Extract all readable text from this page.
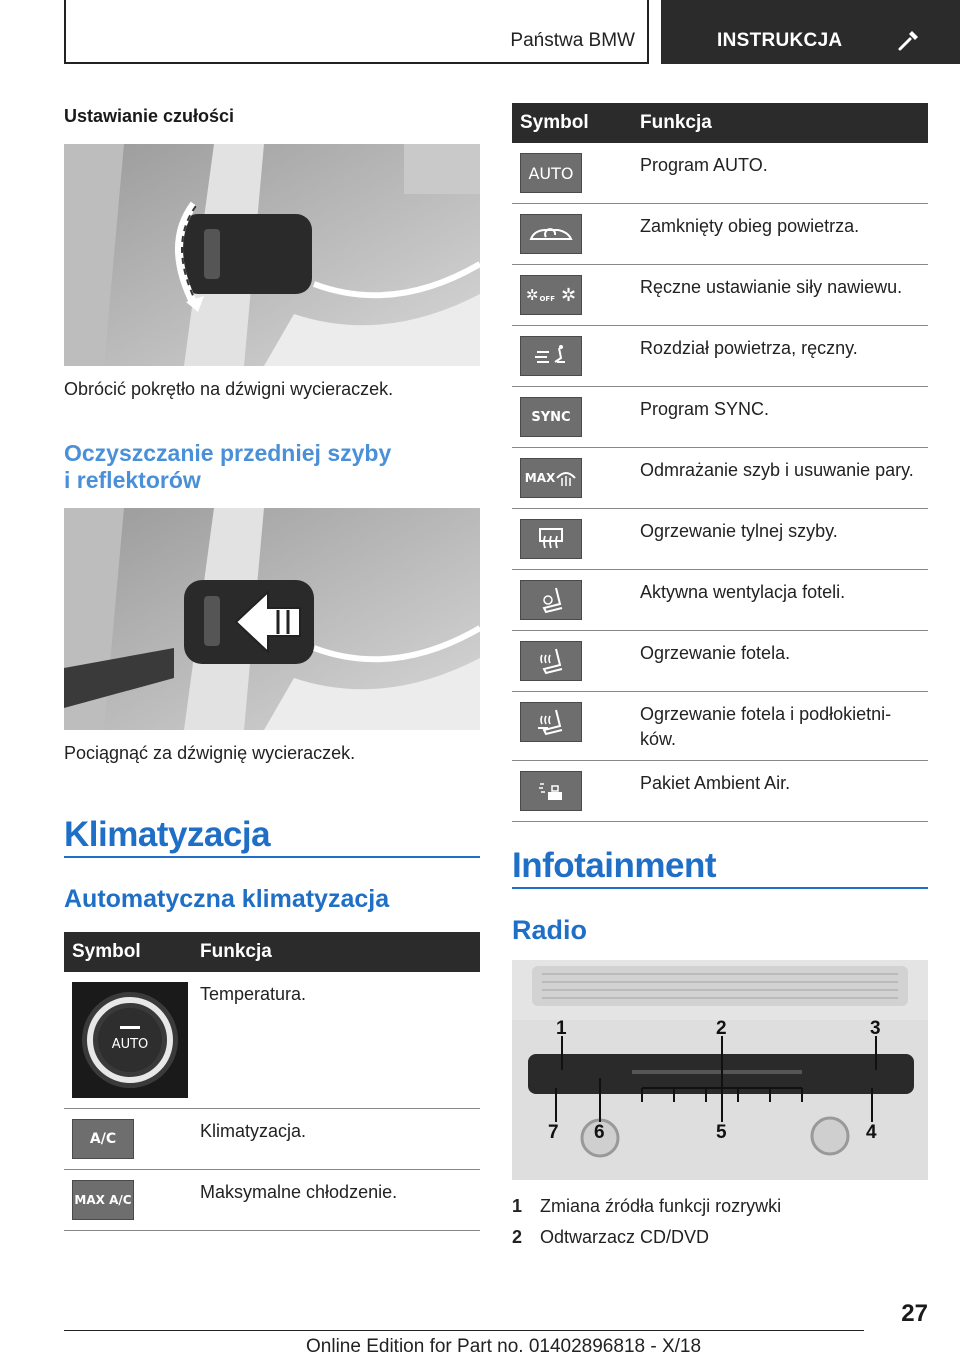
Państwa BMW	INSTRUKCJA
Ustawianie czułości
Obrócić pokrętło na dźwigni wycieraczek.
Oczyszczanie przedniej szyby
i reflektorów
Pociągnąć za dźwignię wycieraczek.
Klimatyzacja
Automatyczna klimatyzacja
Symbol	Funkcja

AUTO	Temperatura.

A/C	Klimatyzacja.

MAX A/C	Maksymalne chłodzenie.
Symbol	Funkcja

AUTO	Program AUTO.

	Zamknięty obieg powietrza.

✲ OFF ✲	Ręczne ustawianie siły nawiewu.

	Rozdział powietrza, ręczny.

SYNC	Program SYNC.

MAX	Odmrażanie szyb i usuwanie pary.

	Ogrzewanie tylnej szyby.

	Aktywna wentylacja foteli.

	Ogrzewanie fotela.

	Ogrzewanie fotela i podłokietni-ków.

	Pakiet Ambient Air.
Infotainment
Radio
1	2	3
4
5
6
7
1 Zmiana źródła funkcji rozrywki
2 Odtwarzacz CD/DVD
27
Online Edition for Part no. 01402896818 - X/18
